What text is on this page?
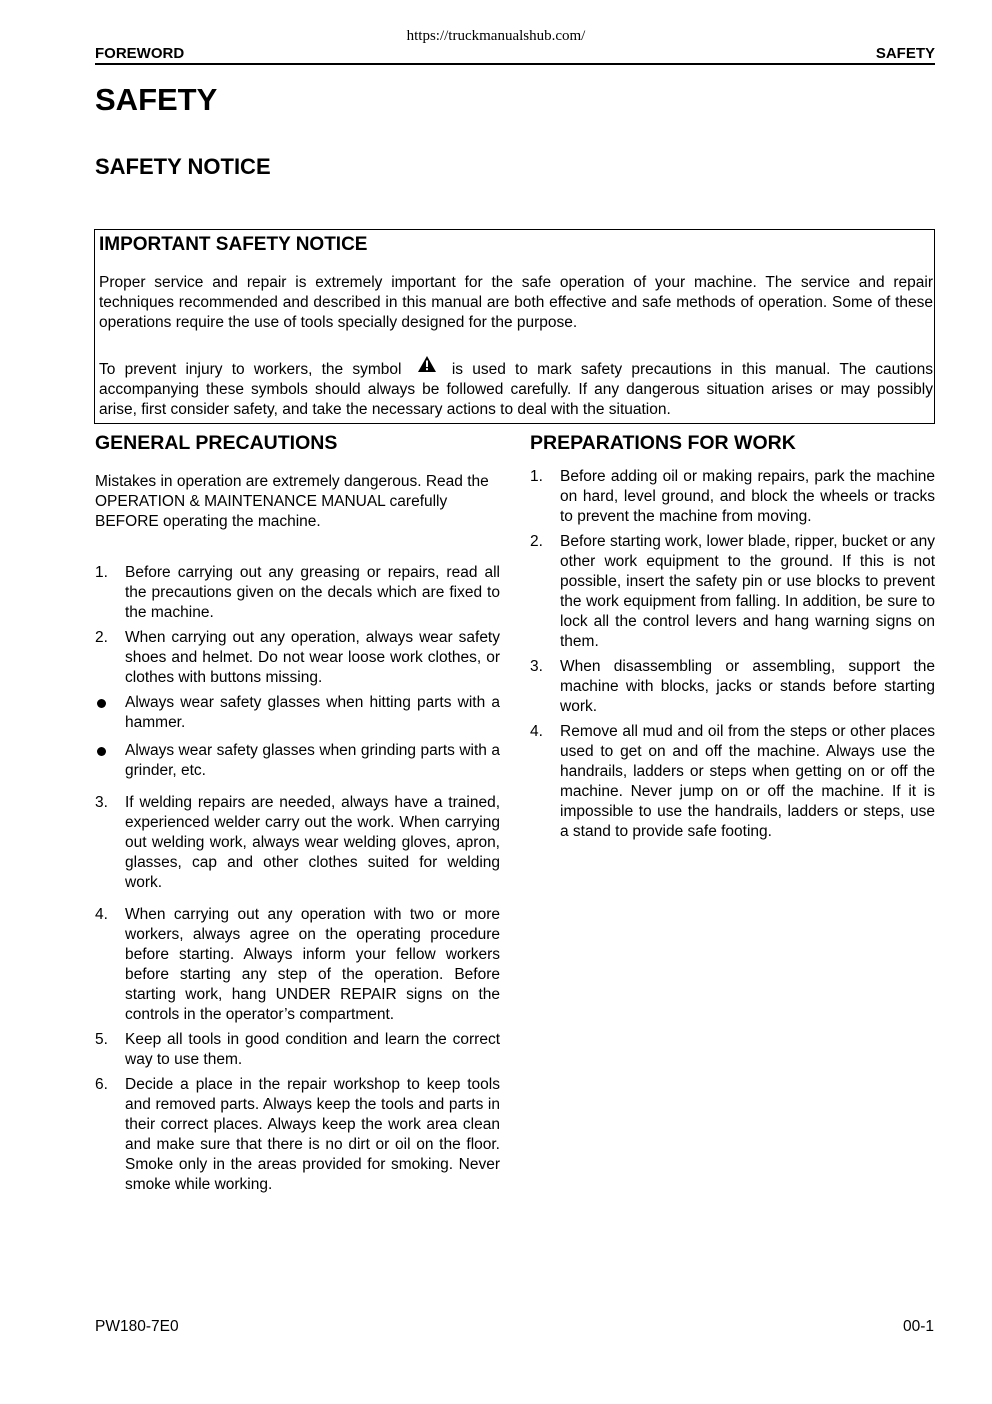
https://truckmanualshub.com/
FOREWORD	SAFETY
SAFETY
SAFETY NOTICE
IMPORTANT SAFETY NOTICE

Proper service and repair is extremely important for the safe operation of your machine. The service and repair techniques recommended and described in this manual are both effective and safe methods of operation. Some of these operations require the use of tools specially designed for the purpose.

To prevent injury to workers, the symbol	is used to mark safety precautions in this manual. The cautions accompanying these symbols should always be followed carefully. If any dangerous situation arises or may possibly arise, first consider safety, and take the necessary actions to deal with the situation.

GENERAL PRECAUTIONS

Mistakes in operation are extremely dangerous. Read the OPERATION & MAINTENANCE MANUAL carefully BEFORE operating the machine.

1. Before carrying out any greasing or repairs, read all the precautions given on the decals which are fixed to the machine.
2. When carrying out any operation, always wear safety shoes and helmet. Do not wear loose work clothes, or clothes with buttons missing.
Always wear safety glasses when hitting parts with a hammer.
Always wear safety glasses when grinding parts with a grinder, etc.
3. If welding repairs are needed, always have a trained, experienced welder carry out the work. When carrying out welding work, always wear welding gloves, apron, glasses, cap and other clothes suited for welding work.
4. When carrying out any operation with two or more workers, always agree on the operating procedure before starting. Always inform your fellow workers before starting any step of the operation. Before starting work, hang UNDER REPAIR signs on the controls in the operator’s compartment.
5. Keep all tools in good condition and learn the correct way to use them.
6. Decide a place in the repair workshop to keep tools and removed parts. Always keep the tools and parts in their correct places. Always keep the work area clean and make sure that there is no dirt or oil on the floor. Smoke only in the areas provided for smoking. Never smoke while working.
PREPARATIONS FOR WORK
1. Before adding oil or making repairs, park the machine on hard, level ground, and block the wheels or tracks to prevent the machine from moving.
2. Before starting work, lower blade, ripper, bucket or any other work equipment to the ground. If this is not possible, insert the safety pin or use blocks to prevent the work equipment from falling. In addition, be sure to lock all the control levers and hang warning signs on them.
3. When disassembling or assembling, support the machine with blocks, jacks or stands before starting work.
4. Remove all mud and oil from the steps or other places used to get on and off the machine. Always use the handrails, ladders or steps when getting on or off the machine. Never jump on or off the machine. If it is impossible to use the handrails, ladders or steps, use a stand to provide safe footing.
PW180-7E0	00-1
